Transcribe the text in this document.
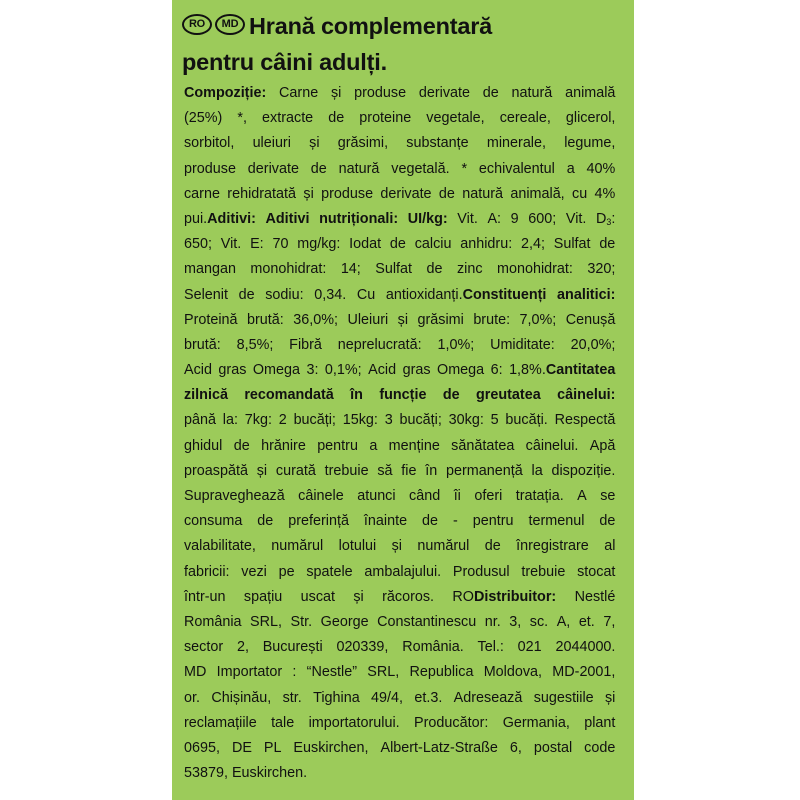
RO	MD Hrană complementară
pentru câini adulți.
Compoziție: Carne și produse derivate de natură animală
(25%) *, extracte de proteine vegetale, cereale, glicerol,
sorbitol, uleiuri și grăsimi, substanțe minerale, legume,
produse derivate de natură vegetală. * echivalentul a 40%
carne rehidratată și produse derivate de natură animală, cu 4%
pui.Aditivi: Aditivi nutriționali: UI/kg: Vit. A: 9 600; Vit. $D_3$:
650; Vit. E: 70 mg/kg: Iodat de calciu anhidru: 2,4; Sulfat de
mangan monohidrat: 14; Sulfat de zinc monohidrat: 320;
Selenit de sodiu: 0,34. Cu antioxidanți.Constituenți analitici:
Proteină brută: 36,0%; Uleiuri și grăsimi brute: 7,0%; Cenușă
brută: 8,5%; Fibră neprelucrată: 1,0%; Umiditate: 20,0%;
Acid gras Omega 3: 0,1%; Acid gras Omega 6: 1,8%.Cantitatea
zilnică recomandată în funcție de greutatea câinelui:
până la: 7kg: 2 bucăți; 15kg: 3 bucăți; 30kg: 5 bucăți. Respectă
ghidul de hrănire pentru a menține sănătatea câinelui. Apă
proaspătă și curată trebuie să fie în permanență la dispoziție.
Supraveghează câinele atunci când îi oferi tratația. A se
consuma de preferință înainte de - pentru termenul de
valabilitate, numărul lotului și numărul de înregistrare al
fabricii: vezi pe spatele ambalajului. Produsul trebuie stocat
într-un spațiu uscat și răcoros. RODistribuitor: Nestlé
România SRL, Str. George Constantinescu nr. 3, sc. A, et. 7,
sector 2, București 020339, România. Tel.: 021 2044000.
MD Importator : “Nestle” SRL, Republica Moldova, MD-2001,
or. Chișinău, str. Tighina 49/4, et.3. Adresează sugestiile și
reclamațiile tale importatorului. Producător: Germania, plant
0695, DE PL Euskirchen, Albert-Latz-Straße 6, postal code
53879, Euskirchen.
